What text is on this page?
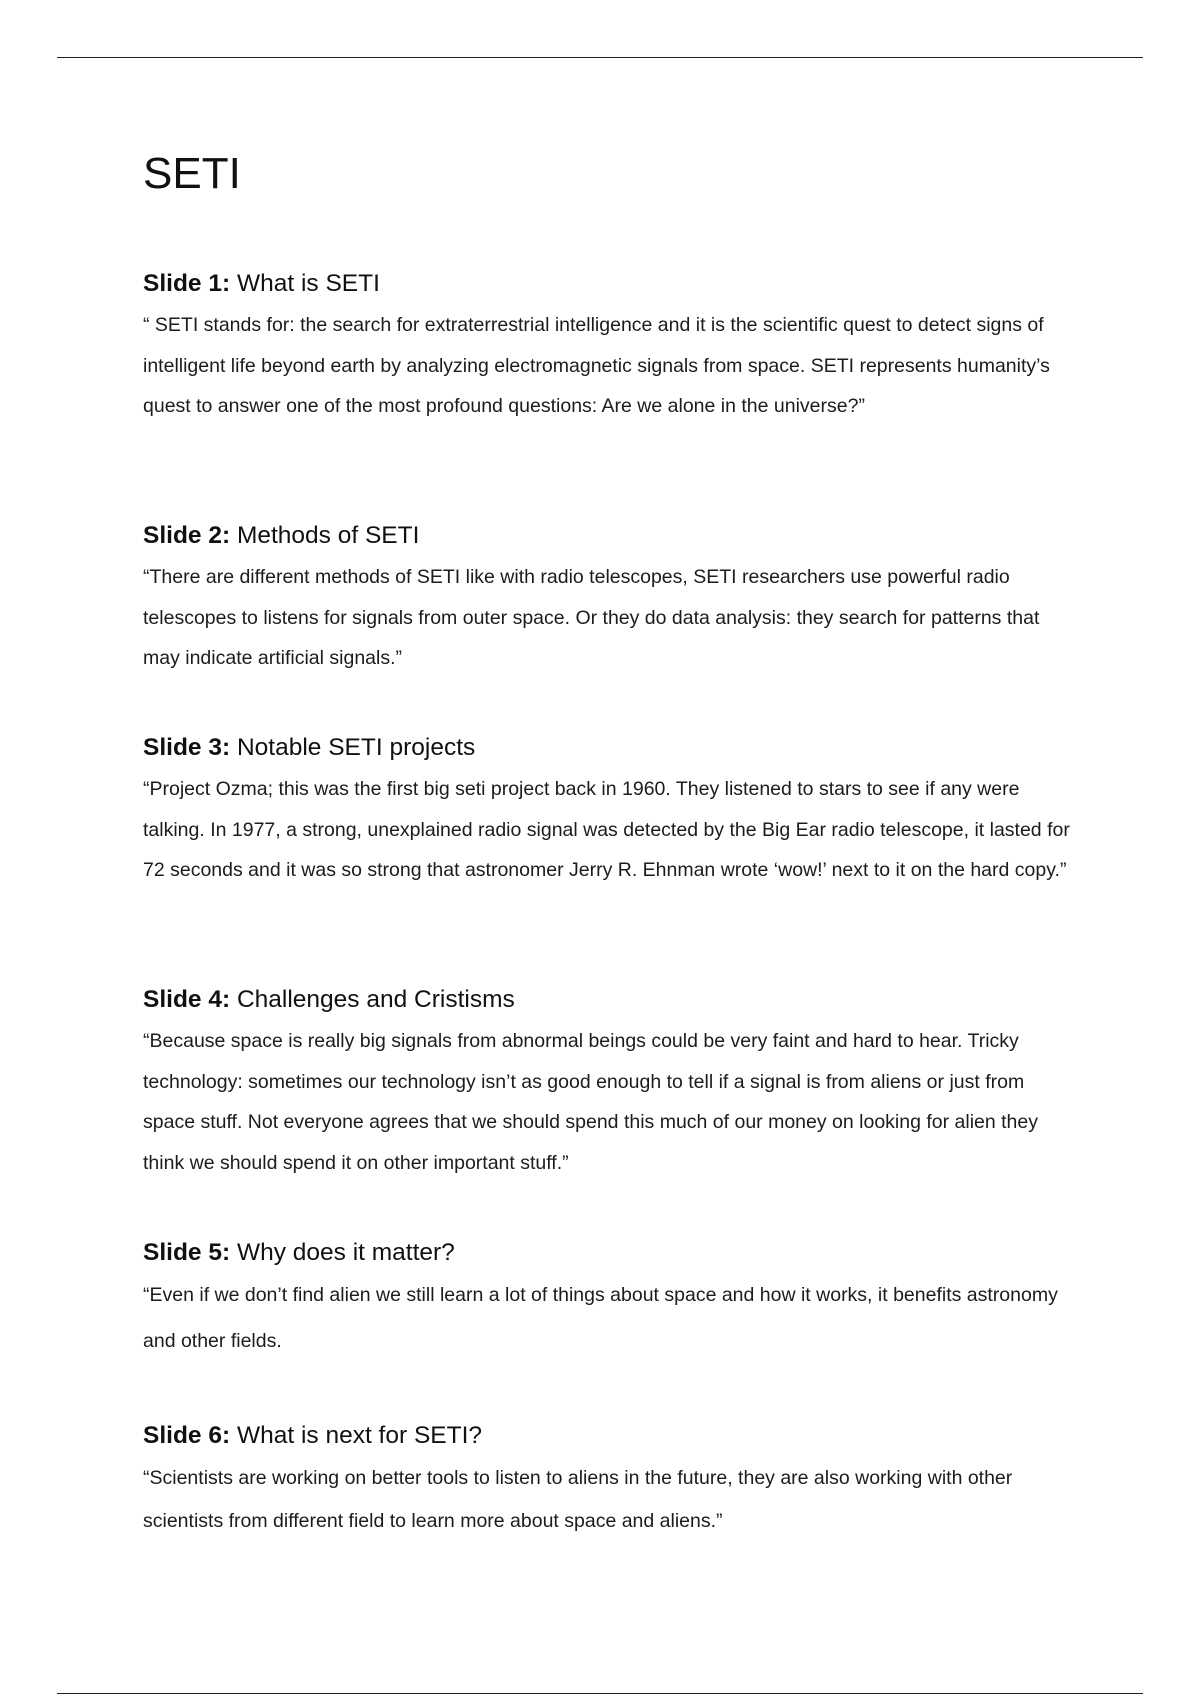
SETI
Slide 1: What is SETI

“ SETI stands for: the search for extraterrestrial intelligence and it is the scientific quest to detect signs of intelligent life beyond earth by analyzing electromagnetic signals from space. SETI represents humanity’s quest to answer one of the most profound questions: Are we alone in the universe?”

Slide 2: Methods of SETI

“There are different methods of SETI like with radio telescopes, SETI researchers use powerful radio telescopes to listens for signals from outer space. Or they do data analysis: they search for patterns that may indicate artificial signals.”

Slide 3: Notable SETI projects

“Project Ozma; this was the first big seti project back in 1960. They listened to stars to see if any were talking. In 1977, a strong, unexplained radio signal was detected by the Big Ear radio telescope, it lasted for 72 seconds and it was so strong that astronomer Jerry R. Ehnman wrote ‘wow!’ next to it on the hard copy.”

Slide 4: Challenges and Cristisms

“Because space is really big signals from abnormal beings could be very faint and hard to hear. Tricky technology: sometimes our technology isn’t as good enough to tell if a signal is from aliens or just from space stuff. Not everyone agrees that we should spend this much of our money on looking for alien they think we should spend it on other important stuff.”

Slide 5: Why does it matter?

“Even if we don’t find alien we still learn a lot of things about space and how it works, it benefits astronomy and other fields.

Slide 6: What is next for SETI?

“Scientists are working on better tools to listen to aliens in the future, they are also working with other scientists from different field to learn more about space and aliens.”
